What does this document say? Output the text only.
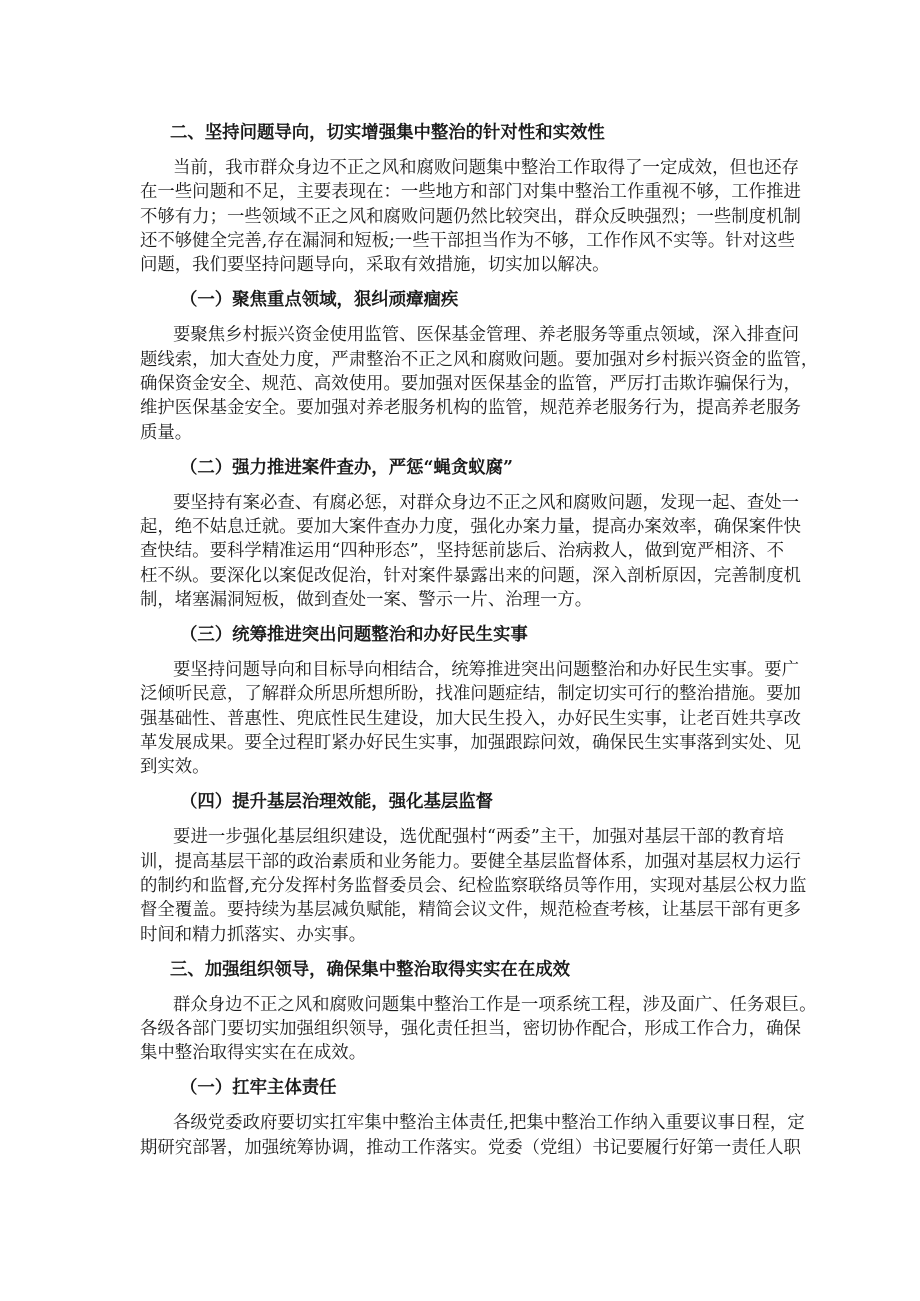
二、坚持问题导向，切实增强集中整治的针对性和实效性
当前，我市群众身边不正之风和腐败问题集中整治工作取得了一定成效，但也还存
在一些问题和不足，主要表现在：一些地方和部门对集中整治工作重视不够，工作推进
不够有力；一些领域不正之风和腐败问题仍然比较突出，群众反映强烈；一些制度机制
还不够健全完善,存在漏洞和短板;一些干部担当作为不够，工作作风不实等。针对这些
问题，我们要坚持问题导向，采取有效措施，切实加以解决。
（一）聚焦重点领域，狠纠顽瘴痼疾
要聚焦乡村振兴资金使用监管、医保基金管理、养老服务等重点领域，深入排查问
题线索，加大查处力度，严肃整治不正之风和腐败问题。要加强对乡村振兴资金的监管，
确保资金安全、规范、高效使用。要加强对医保基金的监管，严厉打击欺诈骗保行为，
维护医保基金安全。要加强对养老服务机构的监管，规范养老服务行为，提高养老服务
质量。
（二）强力推进案件查办，严惩“蝇贪蚁腐”
要坚持有案必查、有腐必惩，对群众身边不正之风和腐败问题，发现一起、查处一
起，绝不姑息迁就。要加大案件查办力度，强化办案力量，提高办案效率，确保案件快
查快结。要科学精准运用“四种形态”，坚持惩前毖后、治病救人，做到宽严相济、不
枉不纵。要深化以案促改促治，针对案件暴露出来的问题，深入剖析原因，完善制度机
制，堵塞漏洞短板，做到查处一案、警示一片、治理一方。
（三）统筹推进突出问题整治和办好民生实事
要坚持问题导向和目标导向相结合，统筹推进突出问题整治和办好民生实事。要广
泛倾听民意，了解群众所思所想所盼，找准问题症结，制定切实可行的整治措施。要加
强基础性、普惠性、兜底性民生建设，加大民生投入，办好民生实事，让老百姓共享改
革发展成果。要全过程盯紧办好民生实事，加强跟踪问效，确保民生实事落到实处、见
到实效。
（四）提升基层治理效能，强化基层监督
要进一步强化基层组织建设，选优配强村“两委”主干，加强对基层干部的教育培
训，提高基层干部的政治素质和业务能力。要健全基层监督体系，加强对基层权力运行
的制约和监督,充分发挥村务监督委员会、纪检监察联络员等作用，实现对基层公权力监
督全覆盖。要持续为基层减负赋能，精简会议文件，规范检查考核，让基层干部有更多
时间和精力抓落实、办实事。
三、加强组织领导，确保集中整治取得实实在在成效
群众身边不正之风和腐败问题集中整治工作是一项系统工程，涉及面广、任务艰巨。
各级各部门要切实加强组织领导，强化责任担当，密切协作配合，形成工作合力，确保
集中整治取得实实在在成效。
（一）扛牢主体责任
各级党委政府要切实扛牢集中整治主体责任,把集中整治工作纳入重要议事日程，定
期研究部署，加强统筹协调，推动工作落实。党委（党组）书记要履行好第一责任人职
